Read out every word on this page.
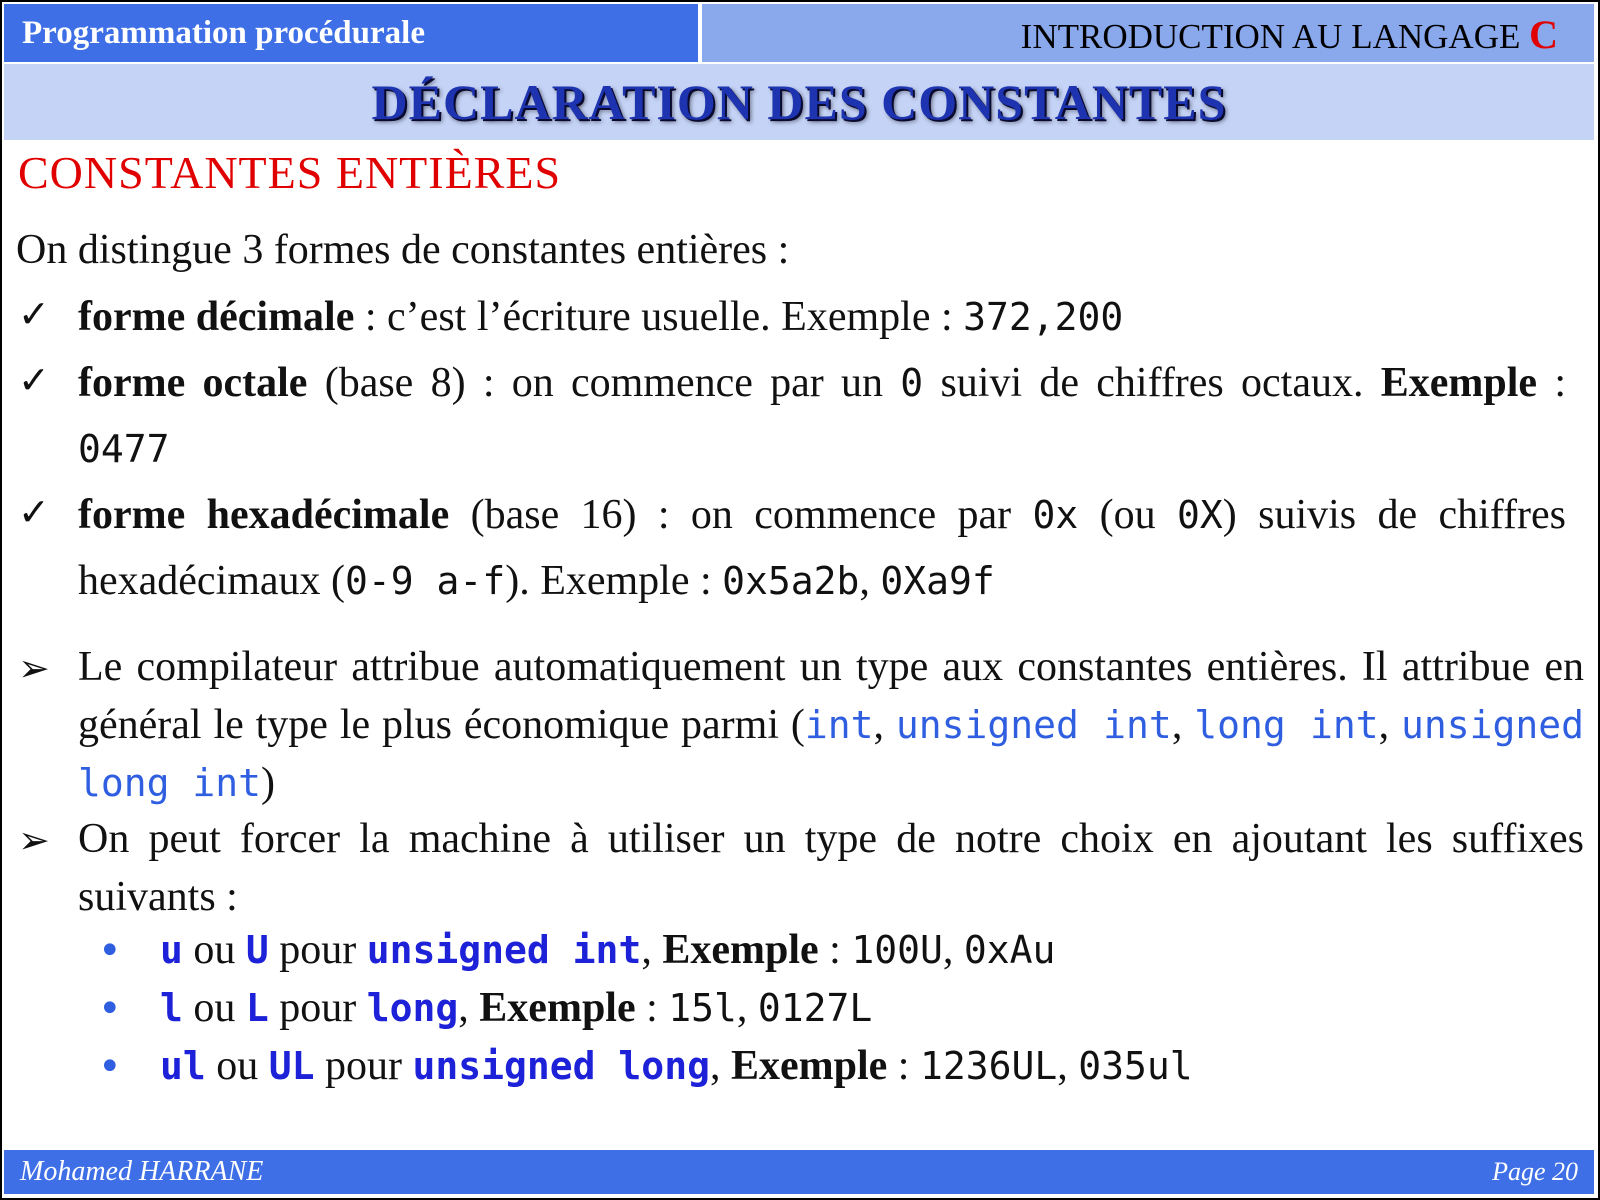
Programmation procédurale	INTRODUCTION AU LANGAGE C
DÉCLARATION DES CONSTANTES
CONSTANTES ENTIÈRES
On distingue 3 formes de constantes entières :
✓ forme décimale : c’est l’écriture usuelle. Exemple : 372,200
✓ forme octale (base 8) : on commence par un 0 suivi de chiffres octaux. Exemple : 0477
✓ forme hexadécimale (base 16) : on commence par 0x (ou 0X) suivis de chiffres hexadécimaux (0-9 a-f). Exemple : 0x5a2b, 0Xa9f
➢ Le compilateur attribue automatiquement un type aux constantes entières. Il attribue en général le type le plus économique parmi (int, unsigned int, long int, unsigned long int)
➢ On peut forcer la machine à utiliser un type de notre choix en ajoutant les suffixes suivants :
• u ou U pour unsigned int, Exemple : 100U, 0xAu
• l ou L pour long, Exemple : 15l, 0127L
• ul ou UL pour unsigned long, Exemple : 1236UL, 035ul
Mohamed HARRANE	Page 20
